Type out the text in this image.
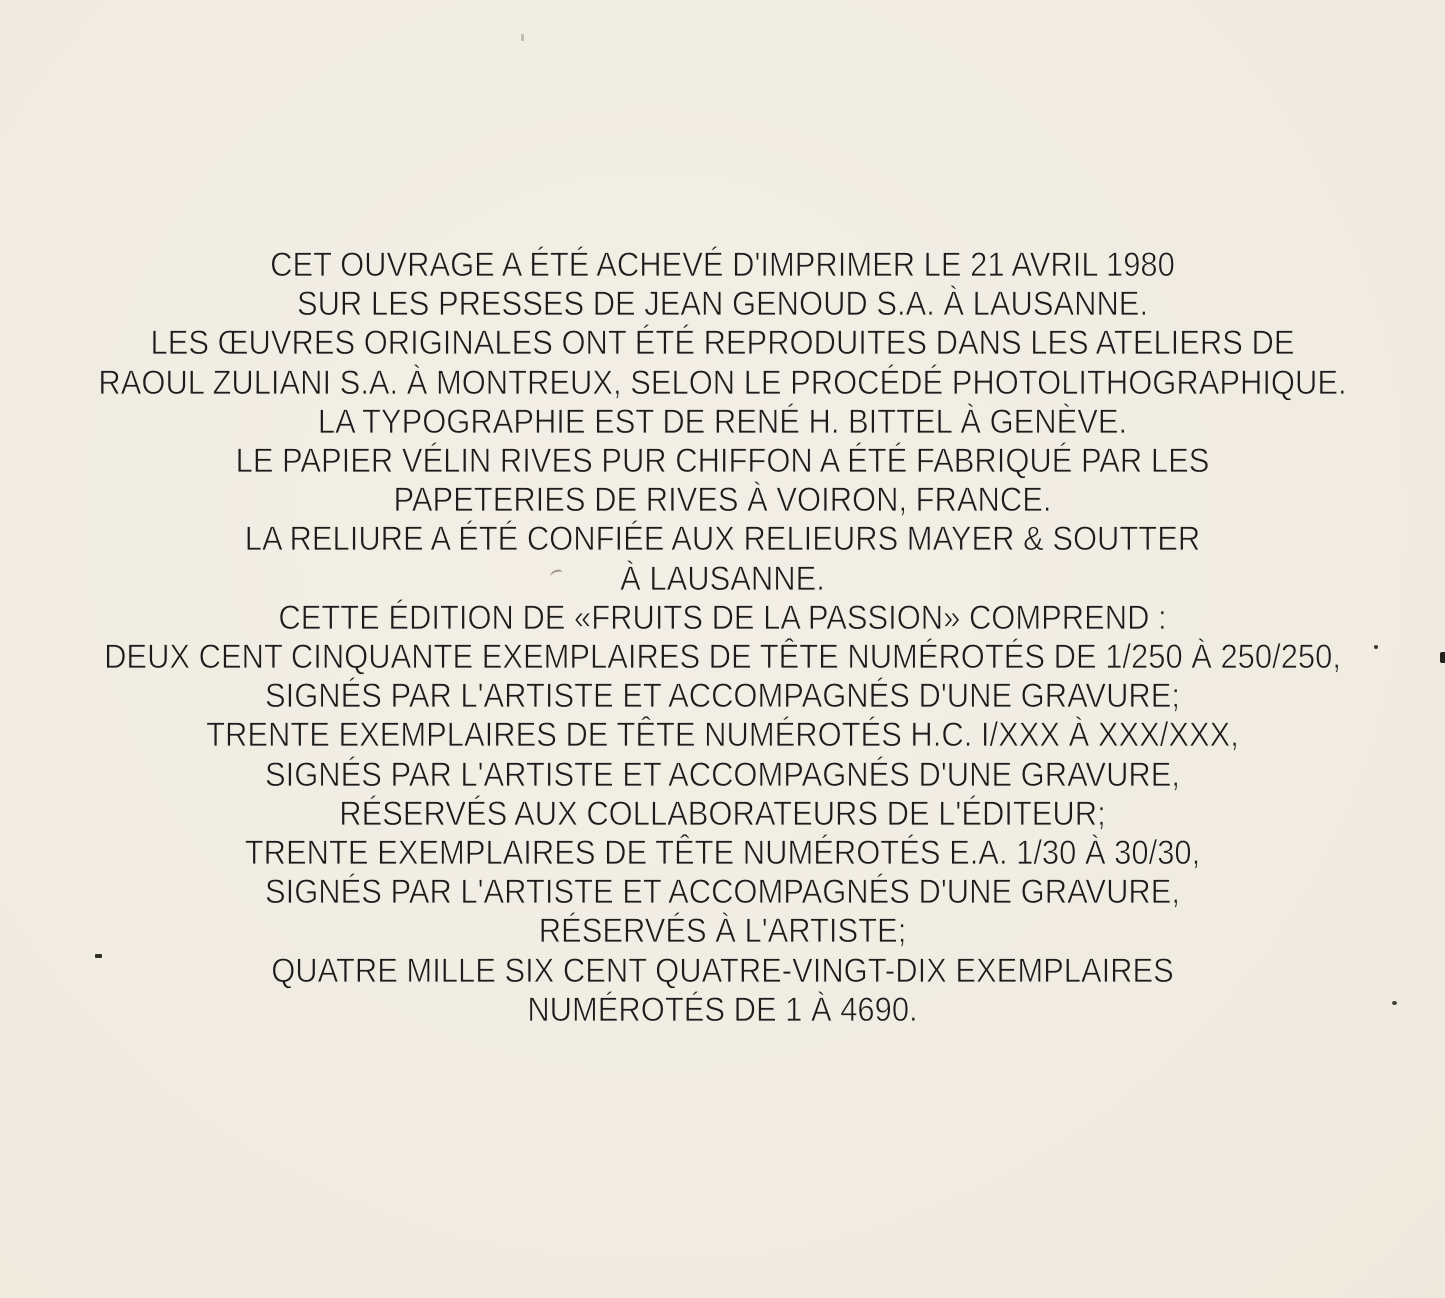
CET OUVRAGE A ÉTÉ ACHEVÉ D'IMPRIMER LE 21 AVRIL 1980
SUR LES PRESSES DE JEAN GENOUD S.A. À LAUSANNE.
LES ŒUVRES ORIGINALES ONT ÉTÉ REPRODUITES DANS LES ATELIERS DE
RAOUL ZULIANI S.A. À MONTREUX, SELON LE PROCÉDÉ PHOTOLITHOGRAPHIQUE.
LA TYPOGRAPHIE EST DE RENÉ H. BITTEL À GENÈVE.
LE PAPIER VÉLIN RIVES PUR CHIFFON A ÉTÉ FABRIQUÉ PAR LES
PAPETERIES DE RIVES À VOIRON, FRANCE.
LA RELIURE A ÉTÉ CONFIÉE AUX RELIEURS MAYER & SOUTTER
À LAUSANNE.
CETTE ÉDITION DE «FRUITS DE LA PASSION» COMPREND :
DEUX CENT CINQUANTE EXEMPLAIRES DE TÊTE NUMÉROTÉS DE 1/250 À 250/250,
SIGNÉS PAR L'ARTISTE ET ACCOMPAGNÉS D'UNE GRAVURE;
TRENTE EXEMPLAIRES DE TÊTE NUMÉROTÉS H.C. I/XXX À XXX/XXX,
SIGNÉS PAR L'ARTISTE ET ACCOMPAGNÉS D'UNE GRAVURE,
RÉSERVÉS AUX COLLABORATEURS DE L'ÉDITEUR;
TRENTE EXEMPLAIRES DE TÊTE NUMÉROTÉS E.A. 1/30 À 30/30,
SIGNÉS PAR L'ARTISTE ET ACCOMPAGNÉS D'UNE GRAVURE,
RÉSERVÉS À L'ARTISTE;
QUATRE MILLE SIX CENT QUATRE-VINGT-DIX EXEMPLAIRES
NUMÉROTÉS DE 1 À 4690.
